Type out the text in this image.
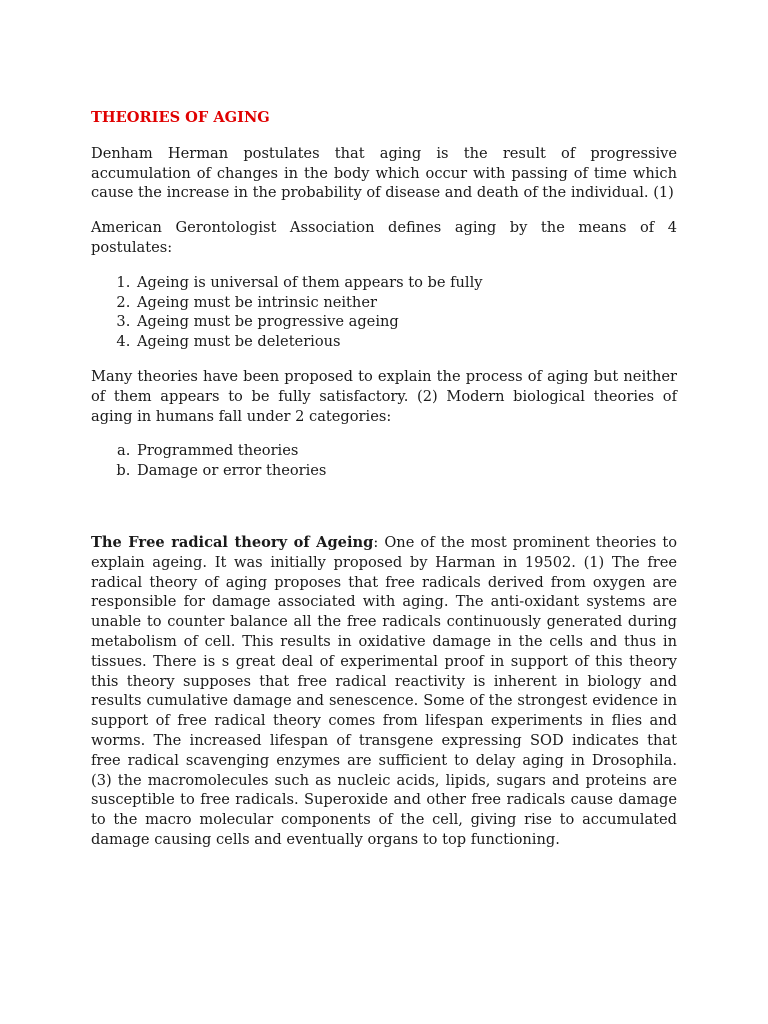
THEORIES OF AGING

Denham Herman postulates that aging is the result of progressive accumulation of changes in the body which occur with passing of time which cause the increase in the probability of disease and death of the individual. (1)

American Gerontologist Association defines aging by the means of 4 postulates:

1. Ageing is universal of them appears to be fully
2. Ageing must be intrinsic neither
3. Ageing must be progressive ageing
4. Ageing must be deleterious

Many theories have been proposed to explain the process of aging but neither of them appears to be fully satisfactory. (2) Modern biological theories of aging in humans fall under 2 categories:

a. Programmed theories
b. Damage or error theories

The Free radical theory of Ageing: One of the most prominent theories to explain ageing. It was initially proposed by Harman in 19502. (1) The free radical theory of aging proposes that free radicals derived from oxygen are responsible for damage associated with aging. The anti-oxidant systems are unable to counter balance all the free radicals continuously generated during metabolism of cell. This results in oxidative damage in the cells and thus in tissues. There is s great deal of experimental proof in support of this theory this theory supposes that free radical reactivity is inherent in biology and results cumulative damage and senescence. Some of the strongest evidence in support of free radical theory comes from lifespan experiments in flies and worms. The increased lifespan of transgene expressing SOD indicates that free radical scavenging enzymes are sufficient to delay aging in Drosophila. (3) the macromolecules such as nucleic acids, lipids, sugars and proteins are susceptible to free radicals. Superoxide and other free radicals cause damage to the macro molecular components of the cell, giving rise to accumulated damage causing cells and eventually organs to top functioning.
